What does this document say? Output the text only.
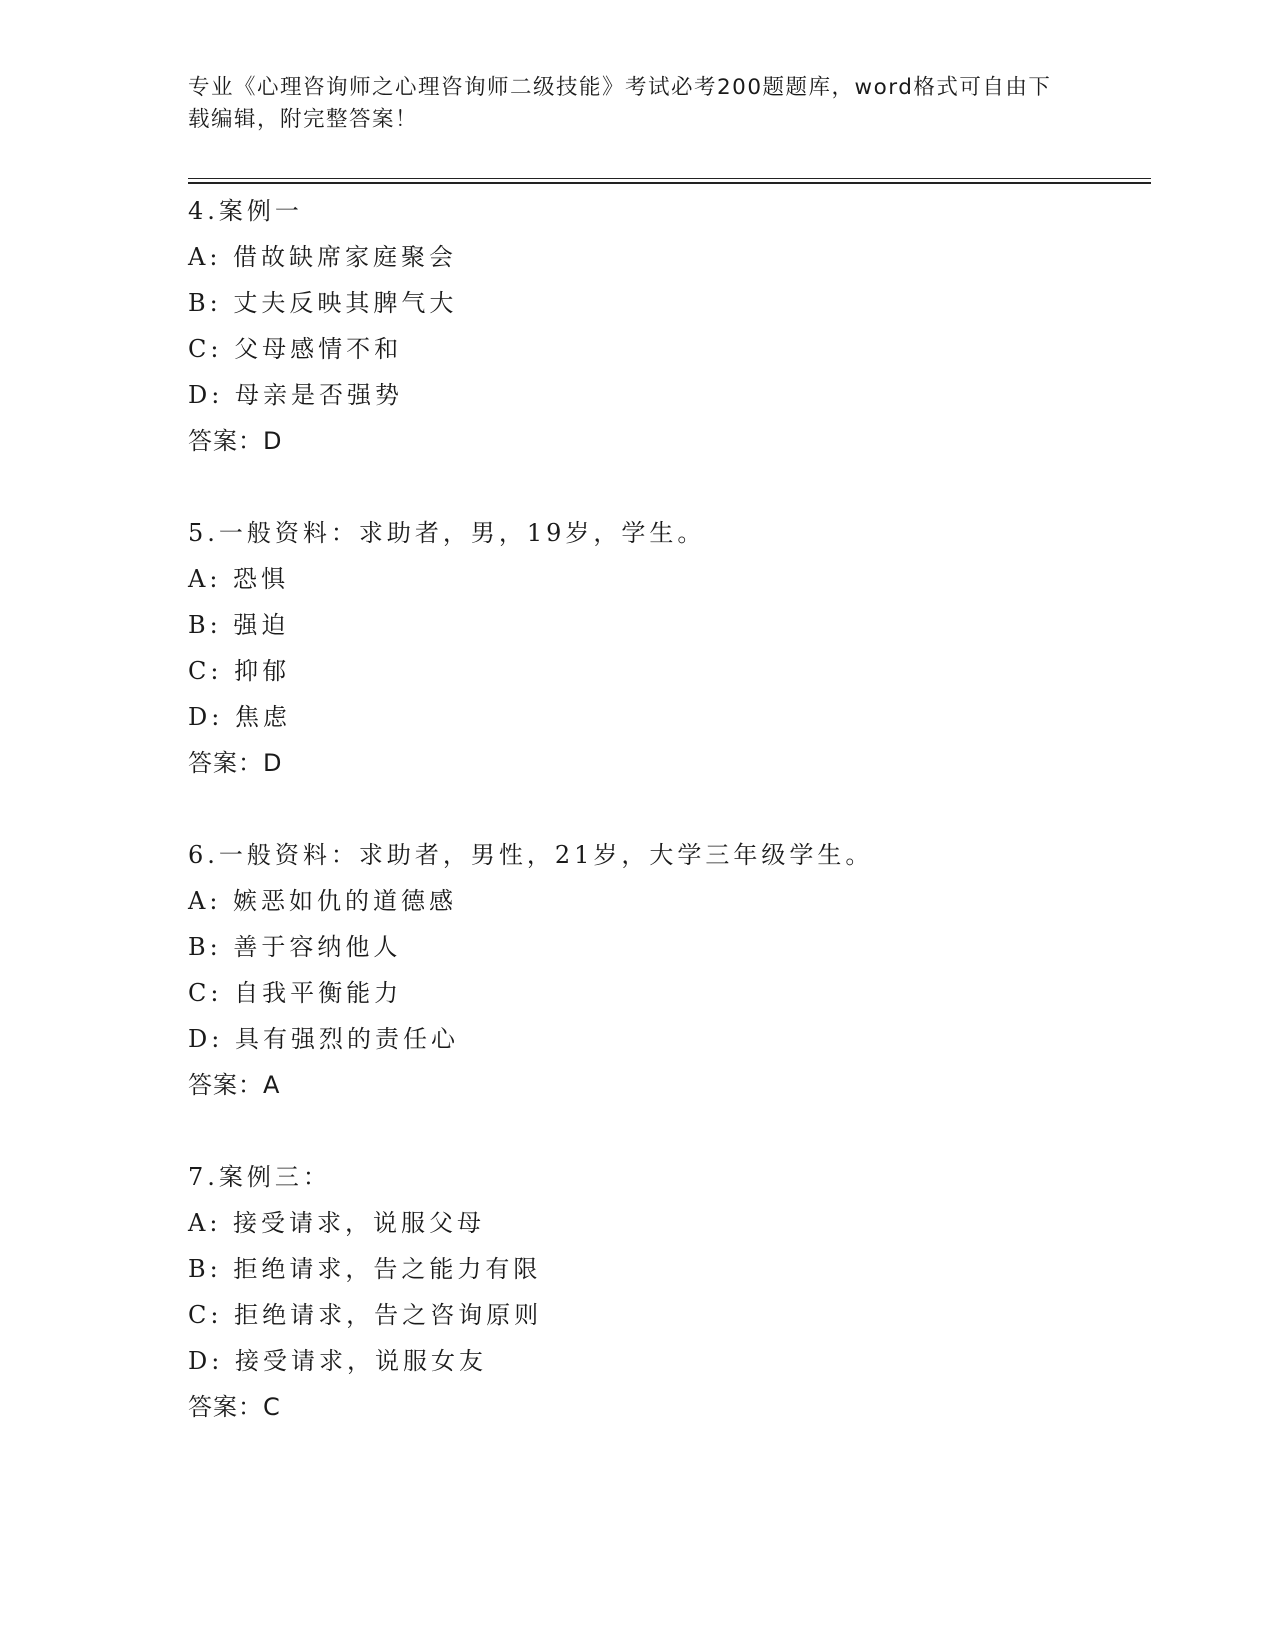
专业《心理咨询师之心理咨询师二级技能》考试必考200题题库，word格式可自由下载编辑，附完整答案！
4.案例一
A: 借故缺席家庭聚会
B: 丈夫反映其脾气大
C: 父母感情不和
D: 母亲是否强势
答案：D
5.一般资料：求助者，男，19岁，学生。
A: 恐惧
B: 强迫
C: 抑郁
D: 焦虑
答案：D
6.一般资料：求助者，男性，21岁，大学三年级学生。
A: 嫉恶如仇的道德感
B: 善于容纳他人
C: 自我平衡能力
D: 具有强烈的责任心
答案：A
7.案例三：
A: 接受请求，说服父母
B: 拒绝请求，告之能力有限
C: 拒绝请求，告之咨询原则
D: 接受请求，说服女友
答案：C
